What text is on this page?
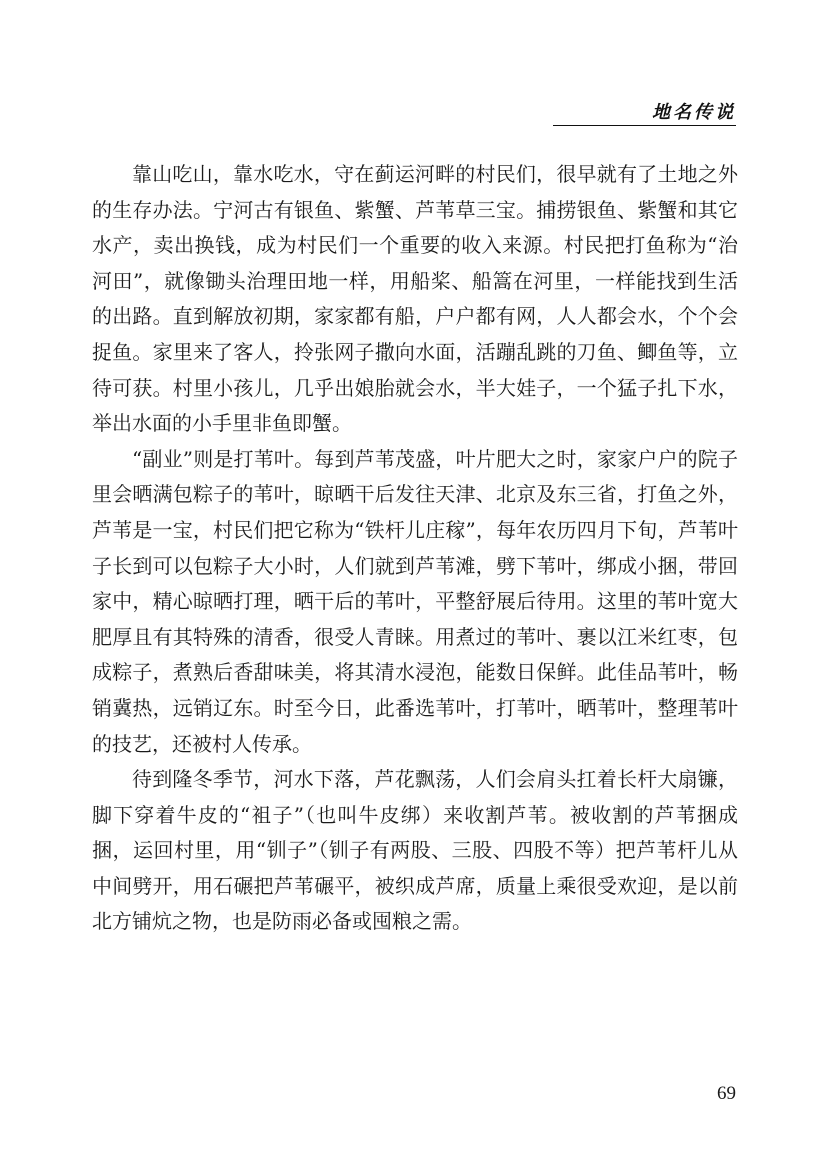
地名传说

靠山吃山，靠水吃水，守在蓟运河畔的村民们，很早就有了土地之外的生存办法。宁河古有银鱼、紫蟹、芦苇草三宝。捕捞银鱼、紫蟹和其它水产，卖出换钱，成为村民们一个重要的收入来源。村民把打鱼称为“治河田”，就像锄头治理田地一样，用船桨、船篙在河里，一样能找到生活的出路。直到解放初期，家家都有船，户户都有网，人人都会水，个个会捉鱼。家里来了客人，拎张网子撒向水面，活蹦乱跳的刀鱼、鲫鱼等，立待可获。村里小孩儿，几乎出娘胎就会水，半大娃子，一个猛子扎下水，举出水面的小手里非鱼即蟹。

“副业”则是打苇叶。每到芦苇茂盛，叶片肥大之时，家家户户的院子里会晒满包粽子的苇叶，晾晒干后发往天津、北京及东三省，打鱼之外，芦苇是一宝，村民们把它称为“铁杆儿庄稼”，每年农历四月下旬，芦苇叶子长到可以包粽子大小时，人们就到芦苇滩，劈下苇叶，绑成小捆，带回家中，精心晾晒打理，晒干后的苇叶，平整舒展后待用。这里的苇叶宽大肥厚且有其特殊的清香，很受人青睐。用煮过的苇叶、裹以江米红枣，包成粽子，煮熟后香甜味美，将其清水浸泡，能数日保鲜。此佳品苇叶，畅销冀热，远销辽东。时至今日，此番选苇叶，打苇叶，晒苇叶，整理苇叶的技艺，还被村人传承。

待到隆冬季节，河水下落，芦花飘荡，人们会肩头扛着长杆大扇镰，脚下穿着牛皮的“袓子”（也叫牛皮绑）来收割芦苇。被收割的芦苇捆成捆，运回村里，用“钏子”（钏子有两股、三股、四股不等）把芦苇杆儿从中间劈开，用石碾把芦苇碾平，被织成芦席，质量上乘很受欢迎，是以前北方铺炕之物，也是防雨必备或囤粮之需。

69
